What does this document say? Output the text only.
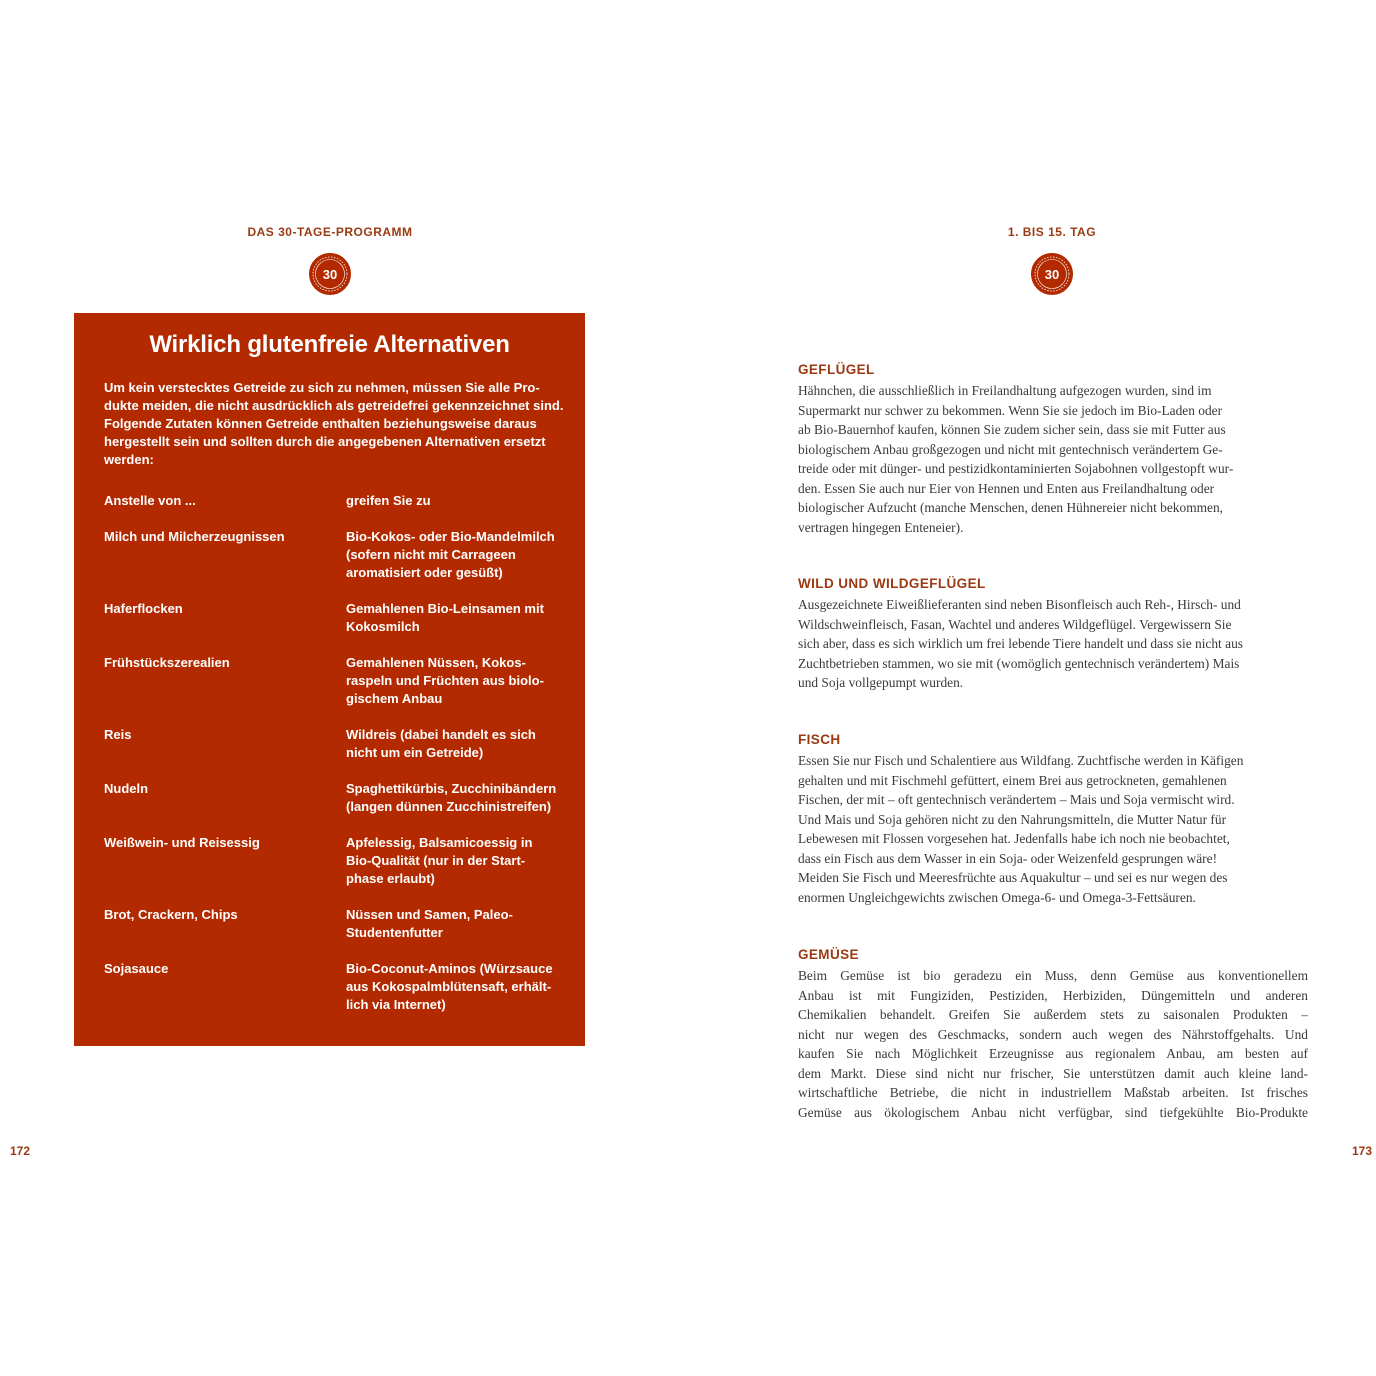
DAS 30-TAGE-PROGRAMM
30
Wirklich glutenfreie Alternativen
Um kein verstecktes Getreide zu sich zu nehmen, müssen Sie alle Pro-
dukte meiden, die nicht ausdrücklich als getreidefrei gekennzeichnet sind.
Folgende Zutaten können Getreide enthalten beziehungsweise daraus
hergestellt sein und sollten durch die angegebenen Alternativen ersetzt
werden:
Anstelle von ...	greifen Sie zu
Milch und Milcherzeugnissen	Bio-Kokos- oder Bio-Mandelmilch
(sofern nicht mit Carrageen
aromatisiert oder gesüßt)
Haferflocken	Gemahlenen Bio-Leinsamen mit
Kokosmilch
Frühstückszerealien	Gemahlenen Nüssen, Kokos-
raspeln und Früchten aus biolo-
gischem Anbau
Reis	Wildreis (dabei handelt es sich
nicht um ein Getreide)
Nudeln	Spaghettikürbis, Zucchinibändern
(langen dünnen Zucchinistreifen)
Weißwein- und Reisessig	Apfelessig, Balsamicoessig in
Bio-Qualität (nur in der Start-
phase erlaubt)
Brot, Crackern, Chips	Nüssen und Samen, Paleo-
Studentenfutter
Sojasauce	Bio-Coconut-Aminos (Würzsauce
aus Kokospalmblütensaft, erhält-
lich via Internet)
172
1. BIS 15. TAG
30
GEFLÜGEL

Hähnchen, die ausschließlich in Freilandhaltung aufgezogen wurden, sind im
Supermarkt nur schwer zu bekommen. Wenn Sie sie jedoch im Bio-Laden oder
ab Bio-Bauernhof kaufen, können Sie zudem sicher sein, dass sie mit Futter aus
biologischem Anbau großgezogen und nicht mit gentechnisch verändertem Ge-
treide oder mit dünger- und pestizidkontaminierten Sojabohnen vollgestopft wur-
den. Essen Sie auch nur Eier von Hennen und Enten aus Freilandhaltung oder
biologischer Aufzucht (manche Menschen, denen Hühnereier nicht bekommen,
vertragen hingegen Enteneier).

WILD UND WILDGEFLÜGEL

Ausgezeichnete Eiweißlieferanten sind neben Bisonfleisch auch Reh-, Hirsch- und
Wildschweinfleisch, Fasan, Wachtel und anderes Wildgeflügel. Vergewissern Sie
sich aber, dass es sich wirklich um frei lebende Tiere handelt und dass sie nicht aus
Zuchtbetrieben stammen, wo sie mit (womöglich gentechnisch verändertem) Mais
und Soja vollgepumpt wurden.

FISCH

Essen Sie nur Fisch und Schalentiere aus Wildfang. Zuchtfische werden in Käfigen
gehalten und mit Fischmehl gefüttert, einem Brei aus getrockneten, gemahlenen
Fischen, der mit – oft gentechnisch verändertem – Mais und Soja vermischt wird.
Und Mais und Soja gehören nicht zu den Nahrungsmitteln, die Mutter Natur für
Lebewesen mit Flossen vorgesehen hat. Jedenfalls habe ich noch nie beobachtet,
dass ein Fisch aus dem Wasser in ein Soja- oder Weizenfeld gesprungen wäre!
Meiden Sie Fisch und Meeresfrüchte aus Aquakultur – und sei es nur wegen des
enormen Ungleichgewichts zwischen Omega-6- und Omega-3-Fettsäuren.

GEMÜSE

Beim Gemüse ist bio geradezu ein Muss, denn Gemüse aus konventionellem
Anbau ist mit Fungiziden, Pestiziden, Herbiziden, Düngemitteln und anderen
Chemikalien behandelt. Greifen Sie außerdem stets zu saisonalen Produkten –
nicht nur wegen des Geschmacks, sondern auch wegen des Nährstoffgehalts. Und
kaufen Sie nach Möglichkeit Erzeugnisse aus regionalem Anbau, am besten auf
dem Markt. Diese sind nicht nur frischer, Sie unterstützen damit auch kleine land-
wirtschaftliche Betriebe, die nicht in industriellem Maßstab arbeiten. Ist frisches
Gemüse aus ökologischem Anbau nicht verfügbar, sind tiefgekühlte Bio-Produkte

173
